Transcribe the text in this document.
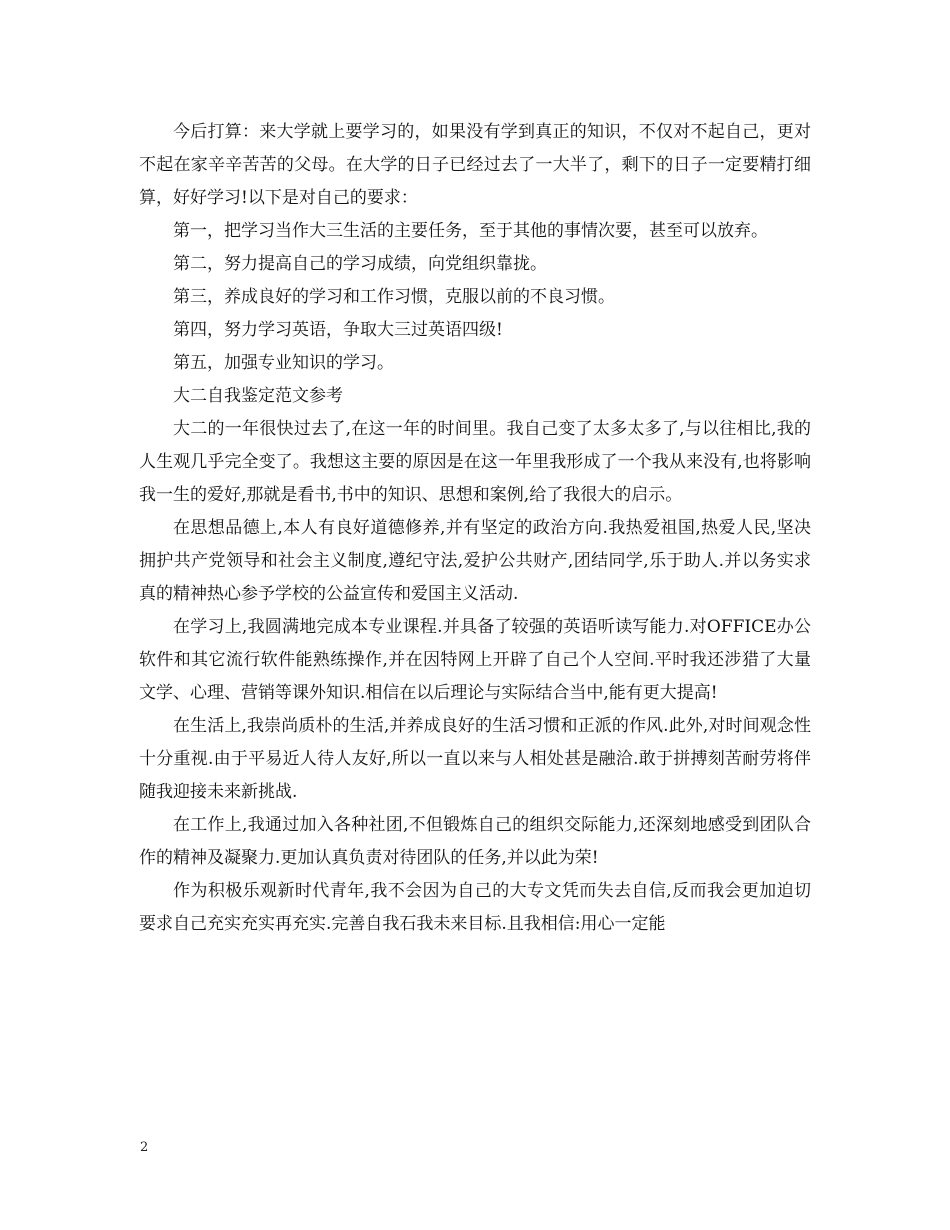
今后打算：来大学就上要学习的，如果没有学到真正的知识，不仅对不起自己，更对不起在家辛辛苦苦的父母。在大学的日子已经过去了一大半了，剩下的日子一定要精打细算，好好学习!以下是对自己的要求：

第一，把学习当作大三生活的主要任务，至于其他的事情次要，甚至可以放弃。

第二，努力提高自己的学习成绩，向党组织靠拢。

第三，养成良好的学习和工作习惯，克服以前的不良习惯。

第四，努力学习英语，争取大三过英语四级!

第五，加强专业知识的学习。

大二自我鉴定范文参考

大二的一年很快过去了,在这一年的时间里。我自己变了太多太多了,与以往相比,我的人生观几乎完全变了。我想这主要的原因是在这一年里我形成了一个我从来没有,也将影响我一生的爱好,那就是看书,书中的知识、思想和案例,给了我很大的启示。

在思想品德上,本人有良好道德修养,并有坚定的政治方向.我热爱祖国,热爱人民,坚决拥护共产党领导和社会主义制度,遵纪守法,爱护公共财产,团结同学,乐于助人.并以务实求真的精神热心参予学校的公益宣传和爱国主义活动.

在学习上,我圆满地完成本专业课程.并具备了较强的英语听读写能力.对OFFICE办公软件和其它流行软件能熟练操作,并在因特网上开辟了自己个人空间.平时我还涉猎了大量文学、心理、营销等课外知识.相信在以后理论与实际结合当中,能有更大提高!

在生活上,我崇尚质朴的生活,并养成良好的生活习惯和正派的作风.此外,对时间观念性十分重视.由于平易近人待人友好,所以一直以来与人相处甚是融洽.敢于拼搏刻苦耐劳将伴随我迎接未来新挑战.

在工作上,我通过加入各种社团,不但锻炼自己的组织交际能力,还深刻地感受到团队合作的精神及凝聚力.更加认真负责对待团队的任务,并以此为荣!

作为积极乐观新时代青年,我不会因为自己的大专文凭而失去自信,反而我会更加迫切要求自己充实充实再充实.完善自我石我未来目标.且我相信:用心一定能

2
